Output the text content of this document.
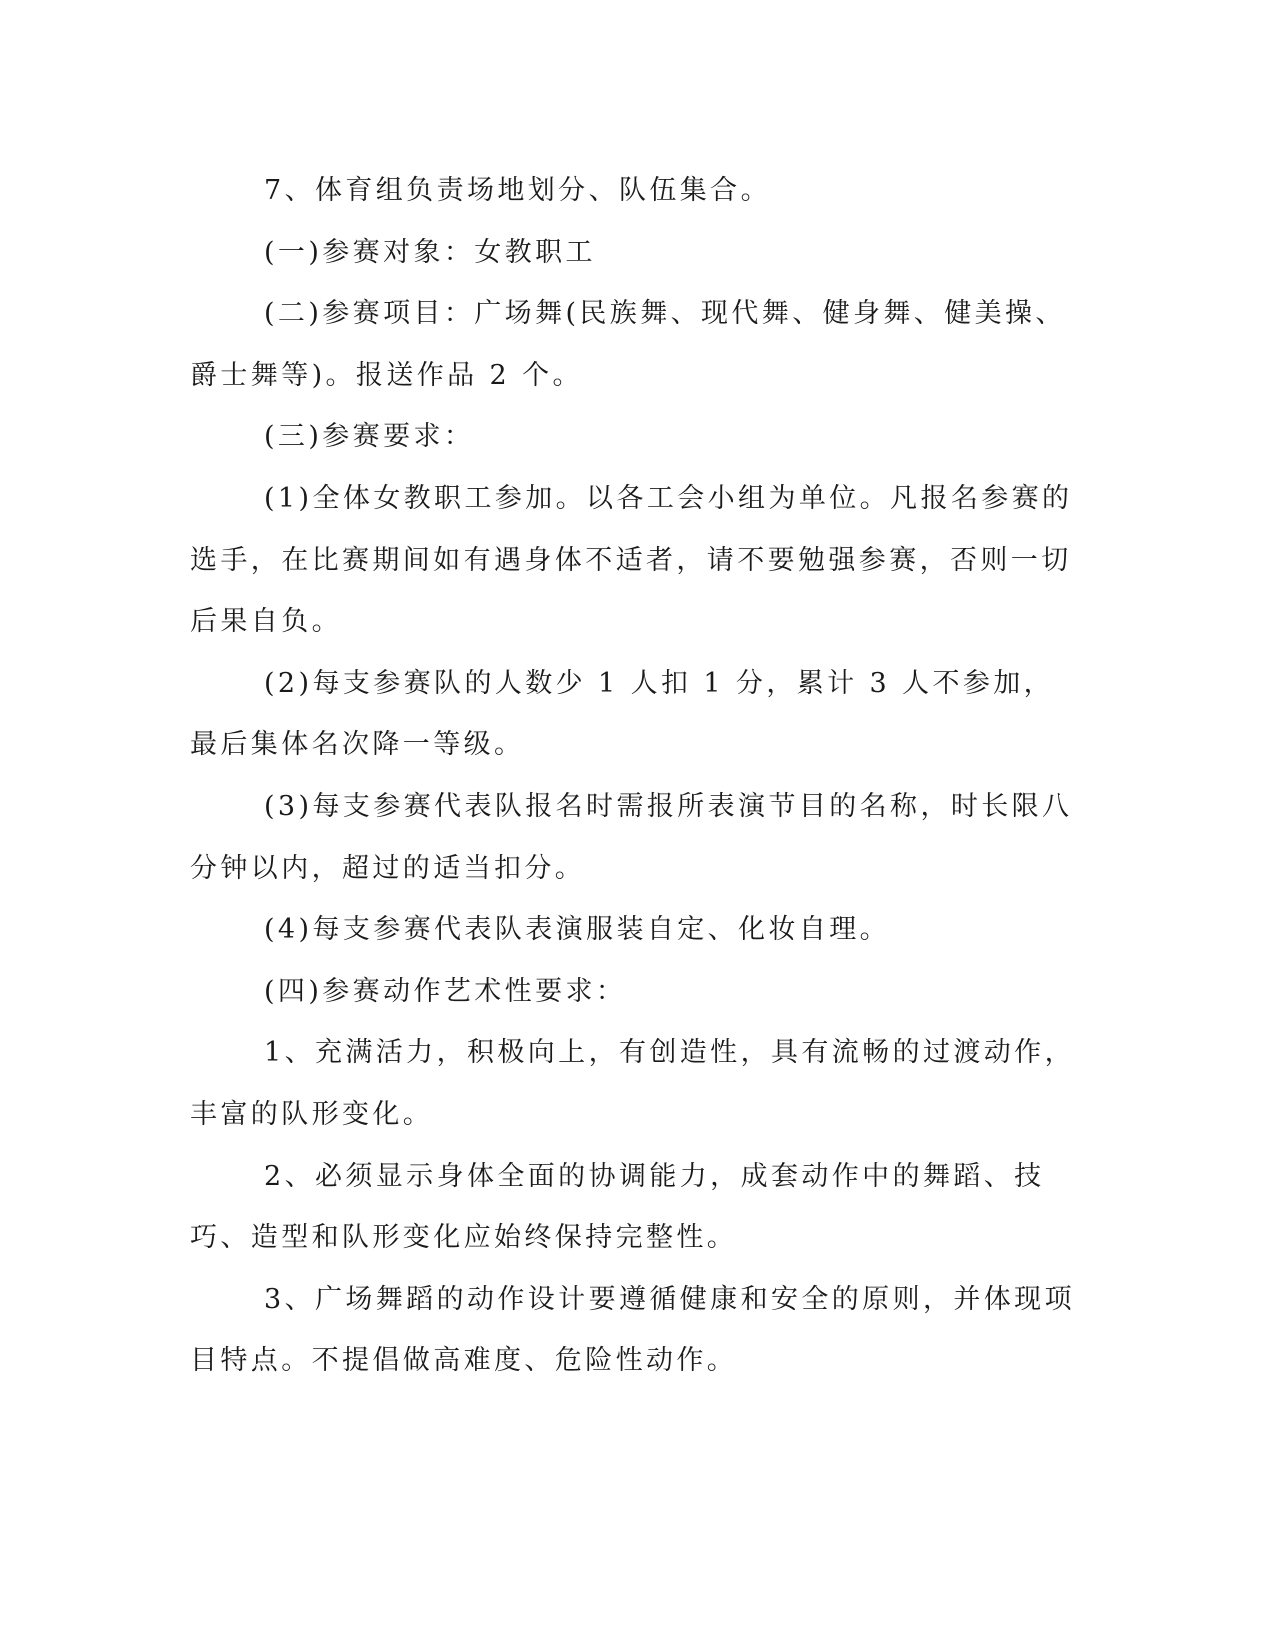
7、体育组负责场地划分、队伍集合。

(一)参赛对象：女教职工

(二)参赛项目：广场舞(民族舞、现代舞、健身舞、健美操、爵士舞等)。报送作品 2 个。

(三)参赛要求：

(1)全体女教职工参加。以各工会小组为单位。凡报名参赛的选手，在比赛期间如有遇身体不适者，请不要勉强参赛，否则一切后果自负。

(2)每支参赛队的人数少 1 人扣 1 分，累计 3 人不参加，最后集体名次降一等级。

(3)每支参赛代表队报名时需报所表演节目的名称，时长限八分钟以内，超过的适当扣分。

(4)每支参赛代表队表演服装自定、化妆自理。

(四)参赛动作艺术性要求：

1、充满活力，积极向上，有创造性，具有流畅的过渡动作，丰富的队形变化。

2、必须显示身体全面的协调能力，成套动作中的舞蹈、技巧、造型和队形变化应始终保持完整性。

3、广场舞蹈的动作设计要遵循健康和安全的原则，并体现项目特点。不提倡做高难度、危险性动作。
